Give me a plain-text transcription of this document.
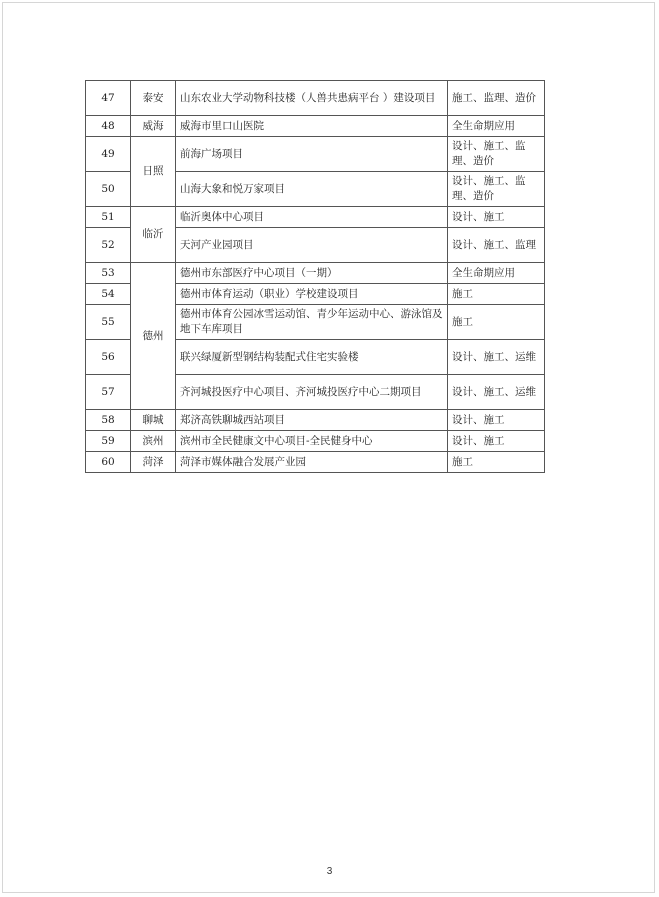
47	泰安	山东农业大学动物科技楼（人兽共患病平台 ）建设项目	施工、监理、造价
48	威海	威海市里口山医院	全生命期应用
49	日照	前海广场项目	设计、施工、监理、造价
50		山海大象和悦万家项目	设计、施工、监理、造价
51	临沂	临沂奥体中心项目	设计、施工
52		天河产业园项目	设计、施工、监理
53	德州	德州市东部医疗中心项目（一期）	全生命期应用
54		德州市体育运动（职业）学校建设项目	施工
55		德州市体育公园冰雪运动馆、青少年运动中心、游泳馆及地下车库项目	施工
56		联兴绿厦新型钢结构装配式住宅实验楼	设计、施工、运维
57		齐河城投医疗中心项目、齐河城投医疗中心二期项目	设计、施工、运维
58	聊城	郑济高铁聊城西站项目	设计、施工
59	滨州	滨州市全民健康文中心项目-全民健身中心	设计、施工
60	菏泽	菏泽市媒体融合发展产业园	施工
3
